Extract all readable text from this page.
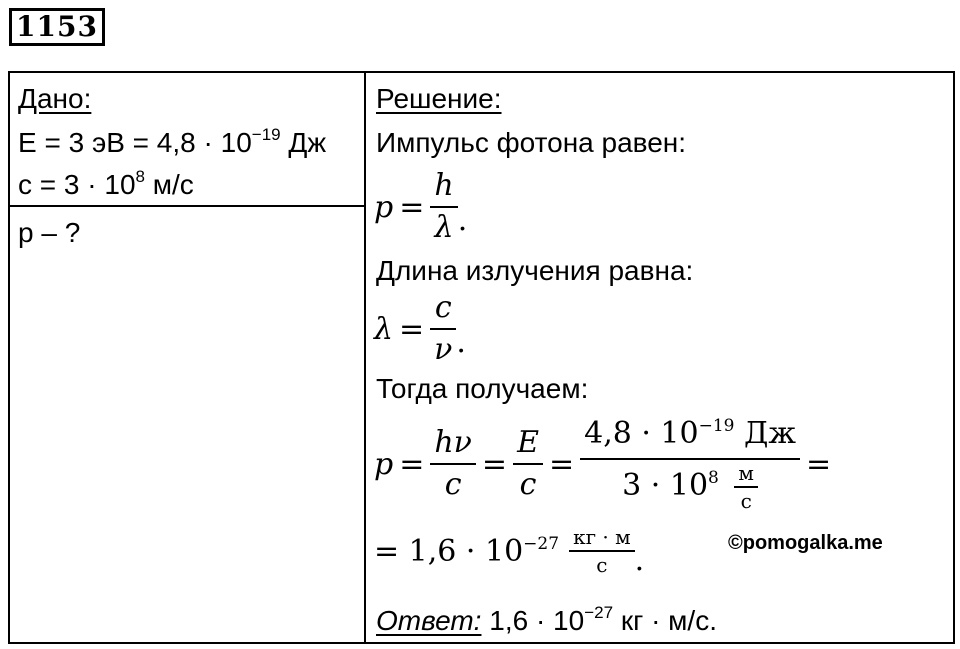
1153
Дано:
E = 3 эВ = $4,8 \cdot 10^{-19}$ Дж
$c = 3 \cdot 10^8$ м/с
p – ?
Решение:
Импульс фотона равен:
$p = \frac{h}{\lambda}$ .
Длина излучения равна:
$\lambda = \frac{c}{\nu}$ .
Тогда получаем:
$p = \frac{h\nu}{c} = \frac{E}{c} = \frac{4,8 \cdot 10^{-19} Дж}{3 \cdot 10^8 \frac{м}{с}}$ =
= $1,6 \cdot 10^{-27} \frac{кг \cdot м}{с}$ .	©pomogalka.me
Ответ: $1,6 \cdot 10^{-27}$ кг · м/с.
